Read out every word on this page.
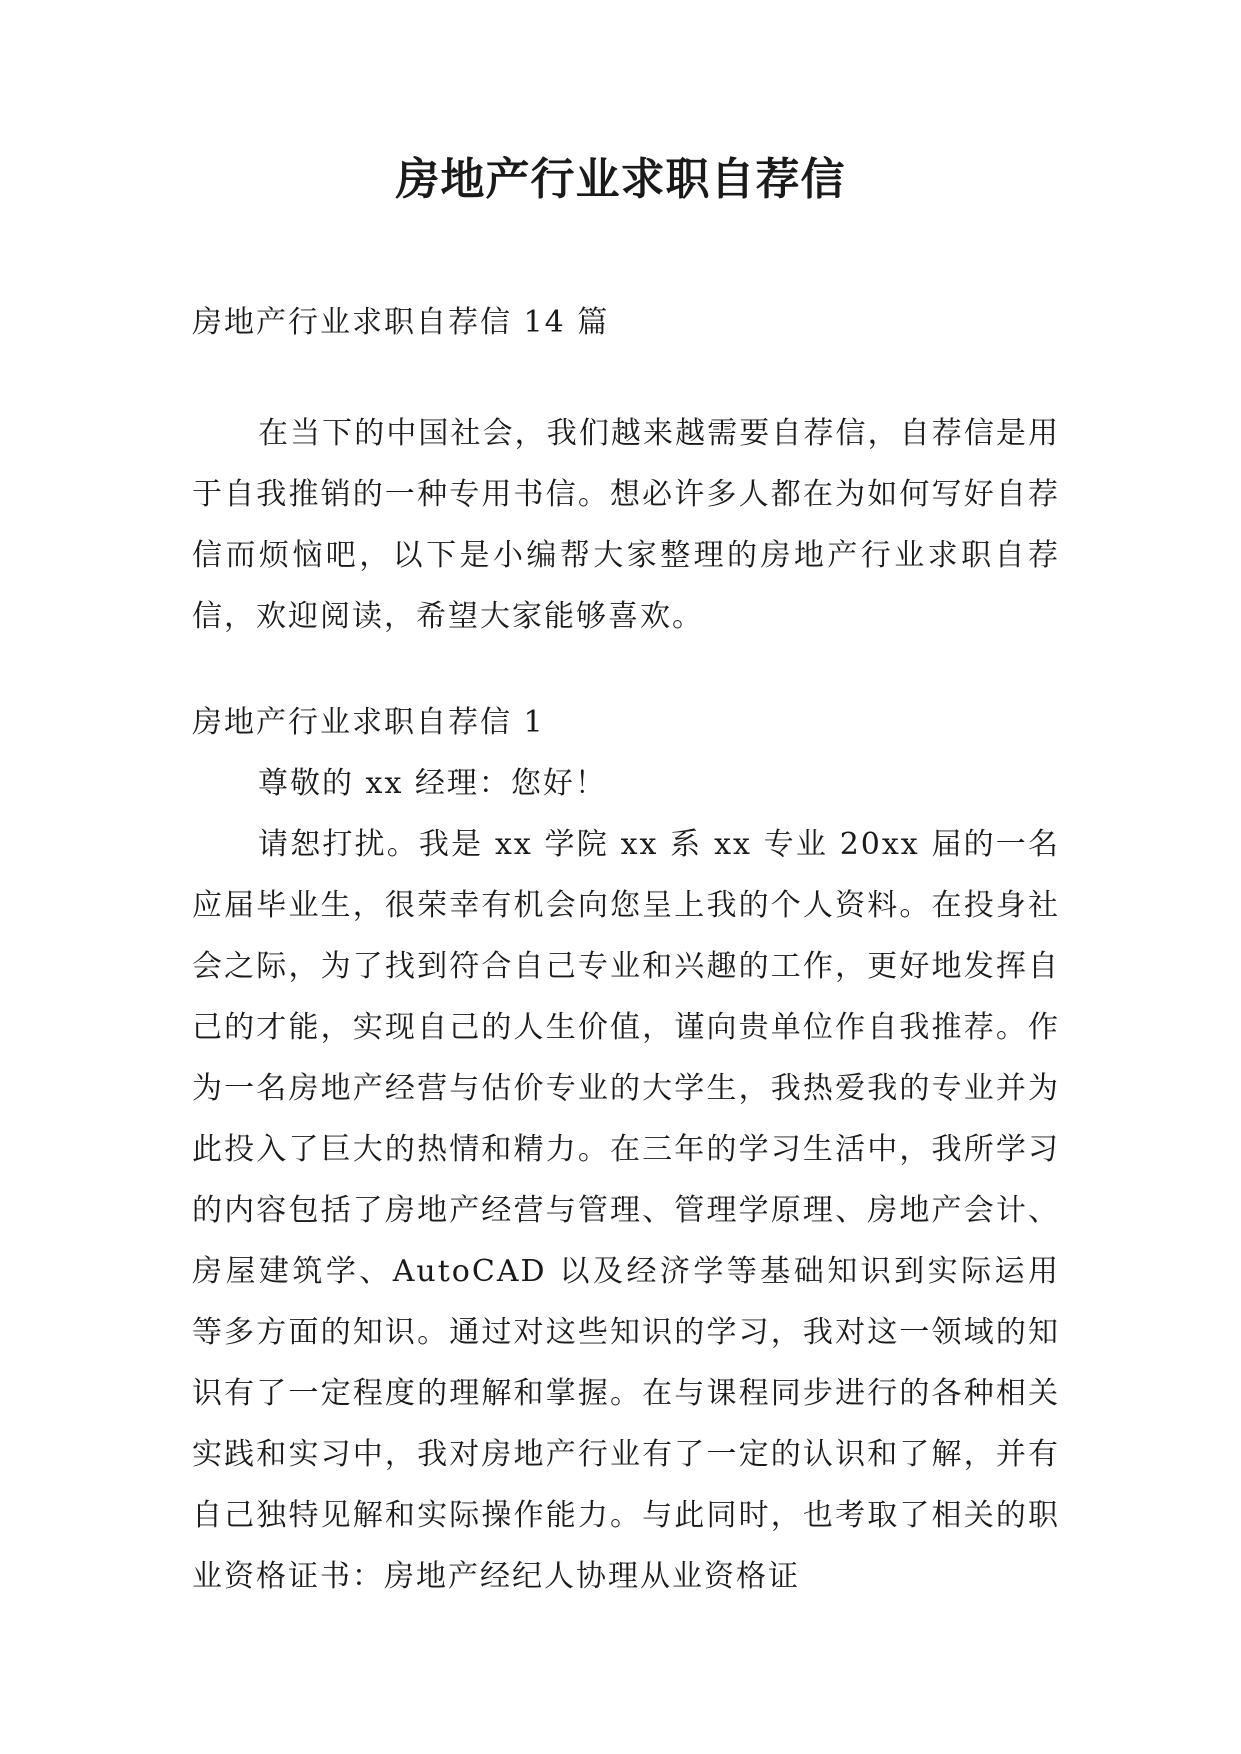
房地产行业求职自荐信

房地产行业求职自荐信 14 篇

在当下的中国社会，我们越来越需要自荐信，自荐信是用于自我推销的一种专用书信。想必许多人都在为如何写好自荐信而烦恼吧，以下是小编帮大家整理的房地产行业求职自荐信，欢迎阅读，希望大家能够喜欢。

房地产行业求职自荐信 1

尊敬的 xx 经理：您好！

请恕打扰。我是 xx 学院 xx 系 xx 专业 20xx 届的一名应届毕业生，很荣幸有机会向您呈上我的个人资料。在投身社会之际，为了找到符合自己专业和兴趣的工作，更好地发挥自己的才能，实现自己的人生价值，谨向贵单位作自我推荐。作为一名房地产经营与估价专业的大学生，我热爱我的专业并为此投入了巨大的热情和精力。在三年的学习生活中，我所学习的内容包括了房地产经营与管理、管理学原理、房地产会计、房屋建筑学、AutoCAD 以及经济学等基础知识到实际运用等多方面的知识。通过对这些知识的学习，我对这一领域的知识有了一定程度的理解和掌握。在与课程同步进行的各种相关实践和实习中，我对房地产行业有了一定的认识和了解，并有自己独特见解和实际操作能力。与此同时，也考取了相关的职业资格证书：房地产经纪人协理从业资格证
